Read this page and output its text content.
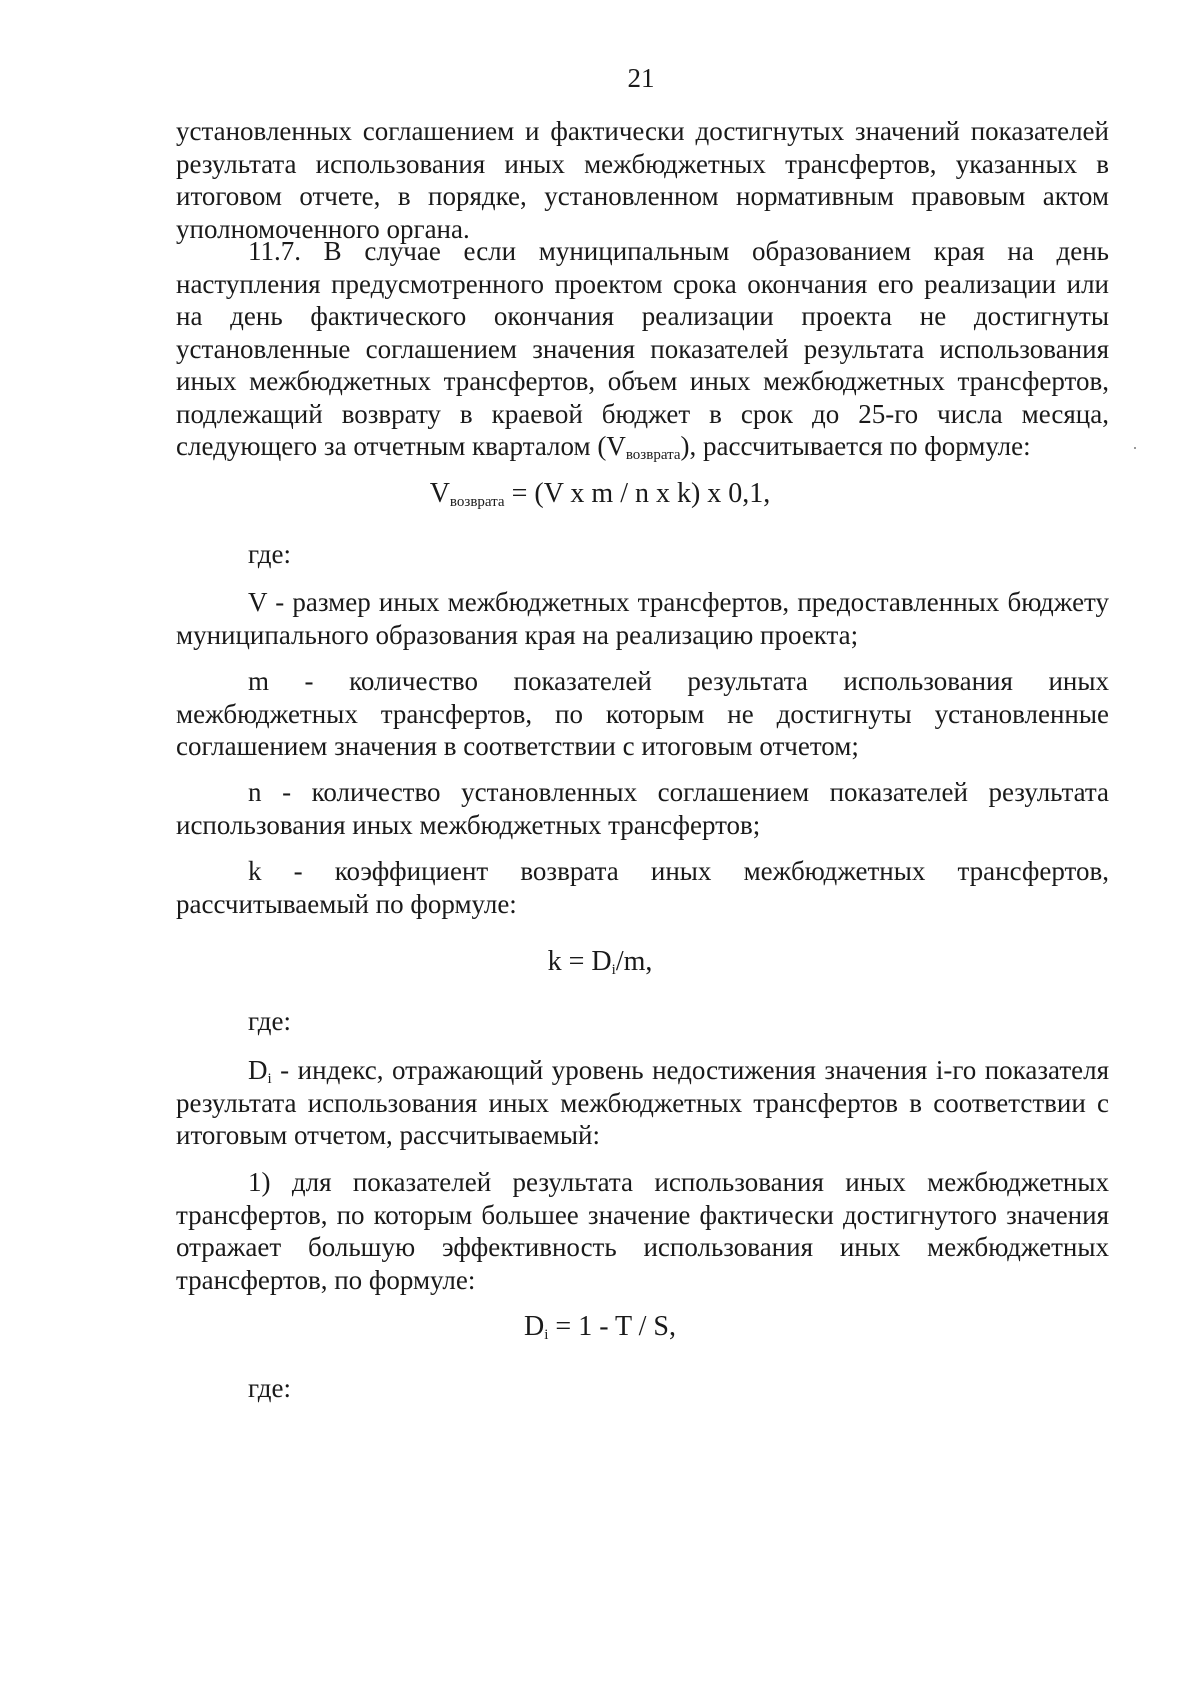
21

установленных соглашением и фактически достигнутых значений показателей результата использования иных межбюджетных трансфертов, указанных в итоговом отчете, в порядке, установленном нормативным правовым актом уполномоченного органа.

11.7. В случае если муниципальным образованием края на день наступления предусмотренного проектом срока окончания его реализации или на день фактического окончания реализации проекта не достигнуты установленные соглашением значения показателей результата использования иных межбюджетных трансфертов, объем иных межбюджетных трансфертов, подлежащий возврату в краевой бюджет в срок до 25-го числа месяца, следующего за отчетным кварталом $(V_{возврата})$, рассчитывается по формуле:

$V_{возврата} = (V$ x m / n x k) x 0,1,

где:

V - размер иных межбюджетных трансфертов, предоставленных бюджету муниципального образования края на реализацию проекта;

m - количество показателей результата использования иных межбюджетных трансфертов, по которым не достигнуты установленные соглашением значения в соответствии с итоговым отчетом;

n - количество установленных соглашением показателей результата использования иных межбюджетных трансфертов;

k - коэффициент возврата иных межбюджетных трансфертов, рассчитываемый по формуле:

$k = D_i/m$,

где:

$D_i$ - индекс, отражающий уровень недостижения значения i-го показателя результата использования иных межбюджетных трансфертов в соответствии с итоговым отчетом, рассчитываемый:

1) для показателей результата использования иных межбюджетных трансфертов, по которым большее значение фактически достигнутого значения отражает большую эффективность использования иных межбюджетных трансфертов, по формуле:

$D_i = 1 - T / S$,

где:
